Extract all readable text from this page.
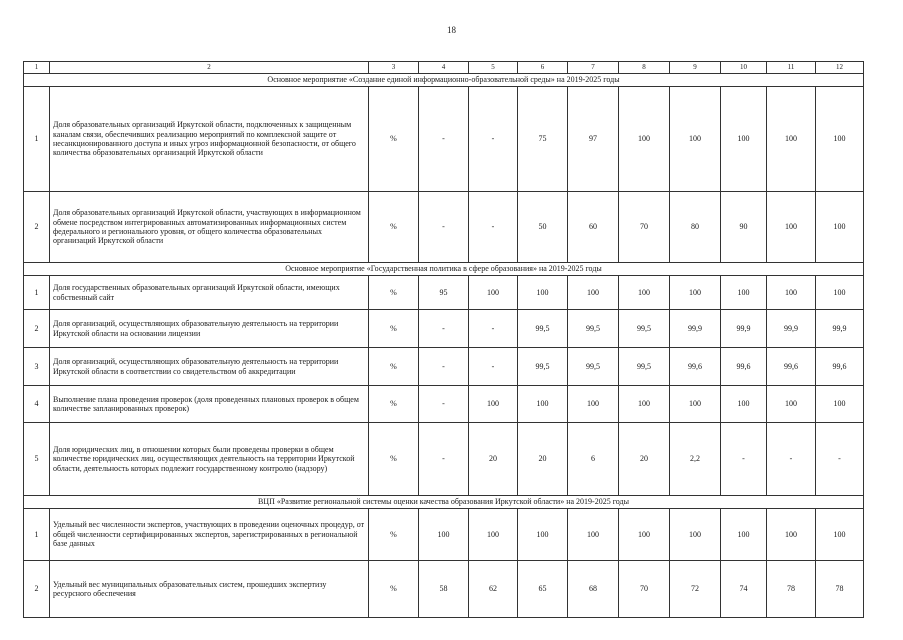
18
1	2	3	4	5	6	7	8	9	10	11	12
Основное мероприятие «Создание единой информационно-образовательной среды» на 2019-2025 годы											
1	Доля образовательных организаций Иркутской области, подключенных к защищенным каналам связи, обеспечивших реализацию мероприятий по комплексной защите от несанкционированного доступа и иных угроз информационной безопасности, от общего количества образовательных организаций Иркутской области	%	-	-	75	97	100	100	100	100	100
2	Доля образовательных организаций Иркутской области, участвующих в информационном обмене посредством интегрированных автоматизированных информационных систем федерального и регионального уровня, от общего количества образовательных организаций Иркутской области	%	-	-	50	60	70	80	90	100	100
Основное мероприятие «Государственная политика в сфере образования» на 2019-2025 годы											
1	Доля государственных образовательных организаций Иркутской области, имеющих собственный сайт	%	95	100	100	100	100	100	100	100	100
2	Доля организаций, осуществляющих образовательную деятельность на территории Иркутской области на основании лицензии	%	-	-	99,5	99,5	99,5	99,9	99,9	99,9	99,9
3	Доля организаций, осуществляющих образовательную деятельность на территории Иркутской области в соответствии со свидетельством об аккредитации	%	-	-	99,5	99,5	99,5	99,6	99,6	99,6	99,6
4	Выполнение плана проведения проверок (доля проведенных плановых проверок в общем количестве запланированных проверок)	%	-	100	100	100	100	100	100	100	100
5	Доля юридических лиц, в отношении которых были проведены проверки в общем количестве юридических лиц, осуществляющих деятельность на территории Иркутской области, деятельность которых подлежит государственному контролю (надзору)	%	-	20	20	6	20	2,2	-	-	-
ВЦП «Развитие региональной системы оценки качества образования Иркутской области» на 2019-2025 годы											
1	Удельный вес численности экспертов, участвующих в проведении оценочных процедур, от общей численности сертифицированных экспертов, зарегистрированных в региональной базе данных	%	100	100	100	100	100	100	100	100	100
2	Удельный вес муниципальных образовательных систем, прошедших экспертизу ресурсного обеспечения	%	58	62	65	68	70	72	74	78	78
